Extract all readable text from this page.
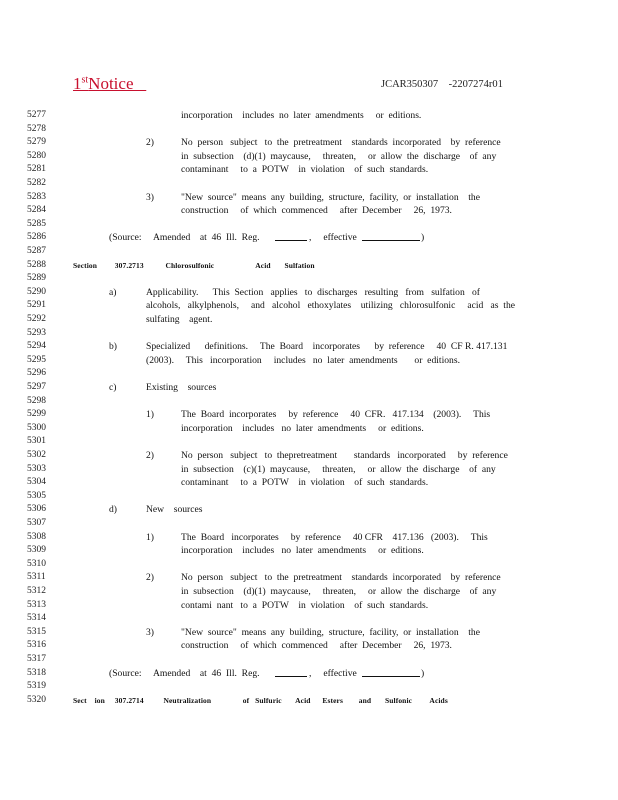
1stNotice	JCAR350307    -2207274r01
5277
5278
5279
5280
5281
5282
5283
5284
5285
5286
5287
5288
5289
5290
5291
5292
5293
5294
5295
5296
5297
5298
5299
5300
5301
5302
5303
5304
5305
5306
5307
5308
5309
5310
5311
5312
5313
5314
5315
5316
5317
5318
5319
5320
incorporation    includes  no  later  amendments     or  editions.
2)	No  person   subject   to  the  pretreatment    standards  incorporated    by  reference
in  subsection    (d)(1)  maycause,     threaten,     or  allow  the  discharge    of  any
contaminant     to  a  POTW    in  violation    of  such  standards.
3)	"New  source"  means  any  building,  structure,  facility,  or  installation    the
construction     of  which  commenced     after  December     26,  1973.
(Source:     Amended    at  46  Ill.  Reg.	,     effective	)
Section         307.2713           Chlorosulfonic                     Acid       Sulfation
a)	Applicability.      This  Section   applies   to  discharges   resulting   from   sulfation   of
alcohols,   alkylphenols,     and   alcohol   ethoxylates    utilizing   chlorosulfonic     acid   as  the
sulfating    agent.
b)	Specialized      definitions.     The  Board    incorporates      by  reference     40  CF R. 417.131
(2003).     This   incorporation     includes   no  later  amendments       or  editions.
c)	Existing    sources
1)	The  Board  incorporates     by  reference     40  CFR.   417.134    (2003).     This
incorporation    includes   no  later  amendments     or  editions.
2)	No  person   subject   to  thepretreatment       standards   incorporated     by  reference
in  subsection    (c)(1)  maycause,     threaten,     or  allow  the  discharge    of  any
contaminant     to  a  POTW    in  violation    of  such  standards.
d)	New    sources
1)	The  Board   incorporates     by  reference     40 CFR    417.136   (2003).     This
incorporation    includes   no  later  amendments     or  editions.
2)	No  person   subject   to  the  pretreatment    standards  incorporated    by  reference
in  subsection    (d)(1)  maycause,     threaten,     or  allow  the  discharge    of  any
contami  nant   to  a  POTW    in  violation    of  such  standards.
3)	"New  source"  means  any  building,  structure,  facility,  or  installation    the
construction     of  which  commenced     after  December     26,  1973.
(Source:     Amended    at  46  Ill.  Reg.	,     effective	)
Sect    ion     307.2714          Neutralization                of   Sulfuric       Acid      Esters        and       Sulfonic         Acids
